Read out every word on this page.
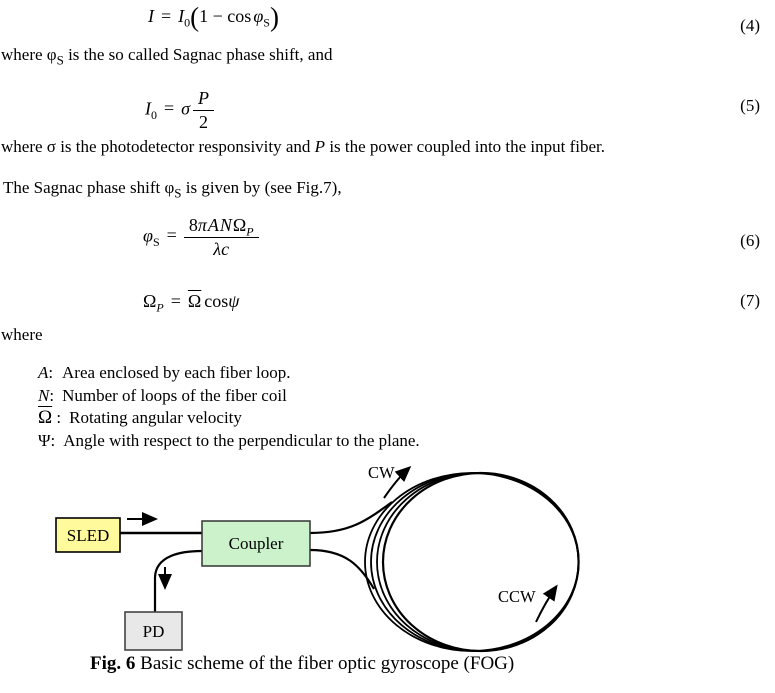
$I = I_0(1 - \cos \varphi_S)$	(4)
where $\varphi_S$ is the so called Sagnac phase shift, and
$I_0 = \sigma \frac{P}{2}$	(5)
where σ is the photodetector responsivity and P is the power coupled into the input fiber.
The Sagnac phase shift $\varphi_S$ is given by (see Fig.7),
$\varphi_S = \frac{8\pi AN\Omega_P}{\lambda c}$	(6)
$\Omega_P = \overline{\Omega}$ cosψ	(7)
where
A: Area enclosed by each fiber loop.
N: Number of loops of the fiber coil
$\overline{\Omega}$ : Rotating angular velocity
Ψ: Angle with respect to the perpendicular to the plane.
SLED	Coupler
PD
CW
CCW
Fig. 6 Basic scheme of the fiber optic gyroscope (FOG)
